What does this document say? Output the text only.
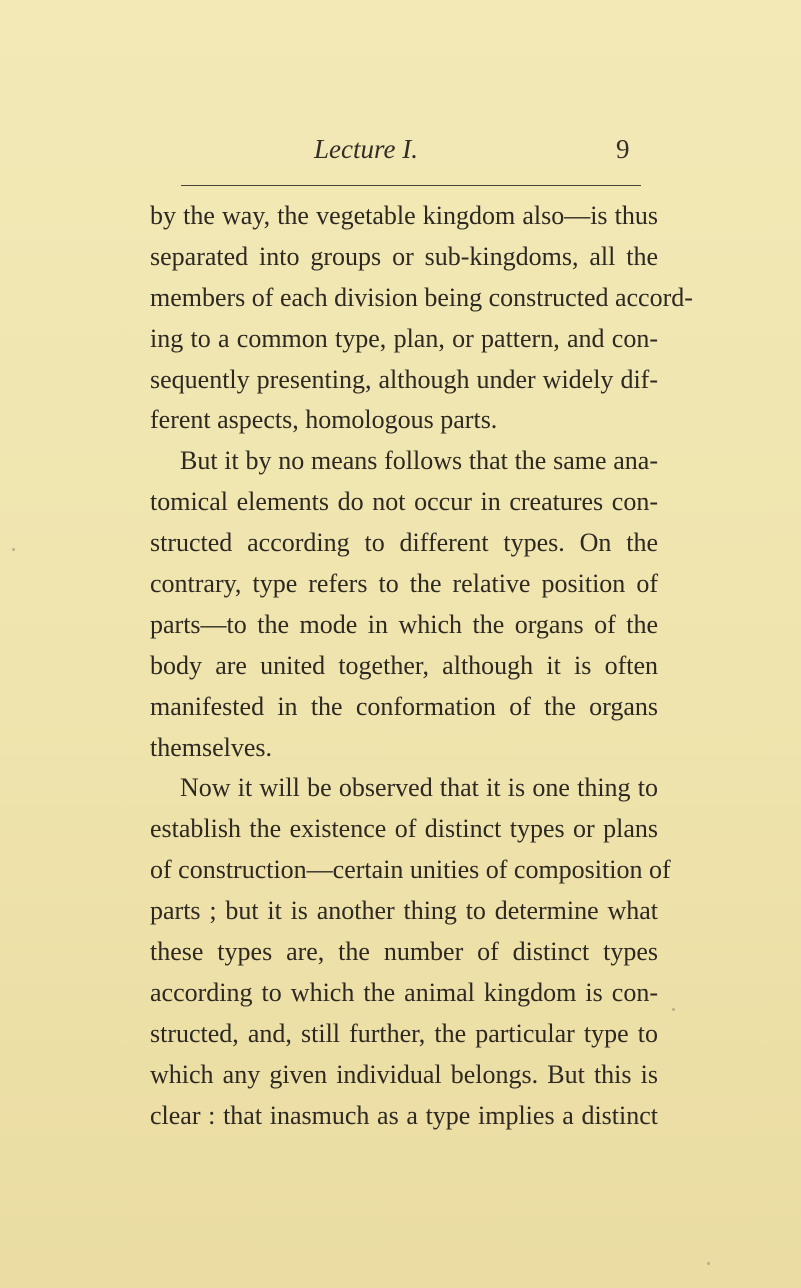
Lecture I.	9
by the way, the vegetable kingdom also—is thus
separated into groups or sub-kingdoms, all the
members of each division being constructed accord-
ing to a common type, plan, or pattern, and con-
sequently presenting, although under widely dif-
ferent aspects, homologous parts.
But it by no means follows that the same ana-
tomical elements do not occur in creatures con-
structed according to different types. On the
contrary, type refers to the relative position of
parts—to the mode in which the organs of the
body are united together, although it is often
manifested in the conformation of the organs
themselves.
Now it will be observed that it is one thing to
establish the existence of distinct types or plans
of construction—certain unities of composition of
parts ; but it is another thing to determine what
these types are, the number of distinct types
according to which the animal kingdom is con-
structed, and, still further, the particular type to
which any given individual belongs. But this is
clear : that inasmuch as a type implies a distinct
